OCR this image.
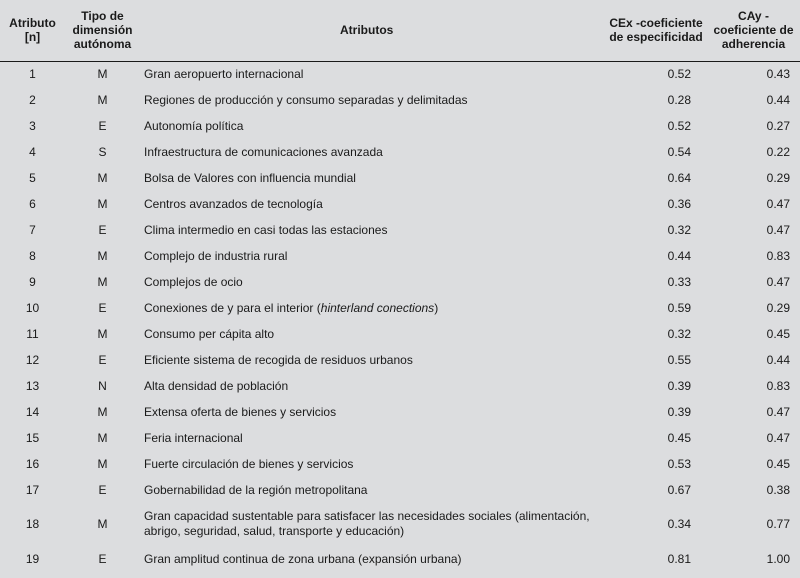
Atributo [n]	Tipo de dimensión autónoma	Atributos	CEx -coeficiente de especificidad	CAy -coeficiente de adherencia
1	M	Gran aeropuerto internacional	0.52	0.43
2	M	Regiones de producción y consumo separadas y delimitadas	0.28	0.44
3	E	Autonomía política	0.52	0.27
4	S	Infraestructura de comunicaciones avanzada	0.54	0.22
5	M	Bolsa de Valores con influencia mundial	0.64	0.29
6	M	Centros avanzados de tecnología	0.36	0.47
7	E	Clima intermedio en casi todas las estaciones	0.32	0.47
8	M	Complejo de industria rural	0.44	0.83
9	M	Complejos de ocio	0.33	0.47
10	E	Conexiones de y para el interior (hinterland conections)	0.59	0.29
11	M	Consumo per cápita alto	0.32	0.45
12	E	Eficiente sistema de recogida de residuos urbanos	0.55	0.44
13	N	Alta densidad de población	0.39	0.83
14	M	Extensa oferta de bienes y servicios	0.39	0.47
15	M	Feria internacional	0.45	0.47
16	M	Fuerte circulación de bienes y servicios	0.53	0.45
17	E	Gobernabilidad de la región metropolitana	0.67	0.38
18	M	Gran capacidad sustentable para satisfacer las necesidades sociales (alimentación, abrigo, seguridad, salud, transporte y educación)	0.34	0.77
19	E	Gran amplitud continua de zona urbana (expansión urbana)	0.81	1.00
